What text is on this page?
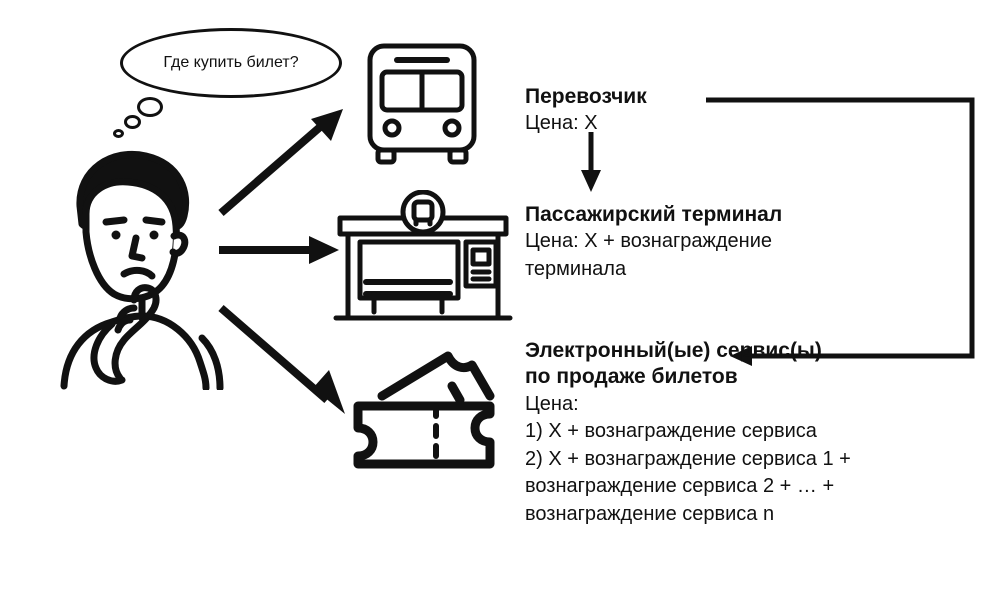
Где купить билет?

Перевозчик

Цена: X

Пассажирский терминал

Цена: X + вознаграждение

терминала

Электронный(ые) сервис(ы)

по продаже билетов

Цена:

1) X + вознаграждение сервиса

2) X + вознаграждение сервиса 1 +

вознаграждение сервиса 2 + … +

вознаграждение сервиса n
